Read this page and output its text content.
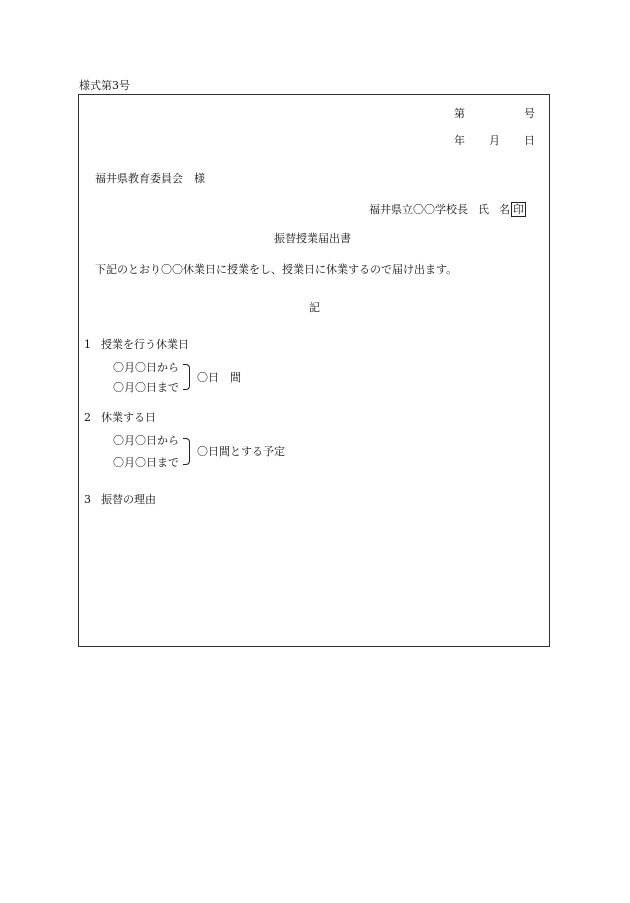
様式第3号
第	号
年 月 日
福井県教育委員会　様
福井県立〇〇学校長 氏 名 印
振替授業届出書
下記のとおり〇〇休業日に授業をし、授業日に休業するので届け出ます。
記
1 授業を行う休業日
〇月〇日から
〇月〇日まで
〇日　間
2 休業する日
〇月〇日から
〇月〇日まで
〇日間とする予定
3 振替の理由
